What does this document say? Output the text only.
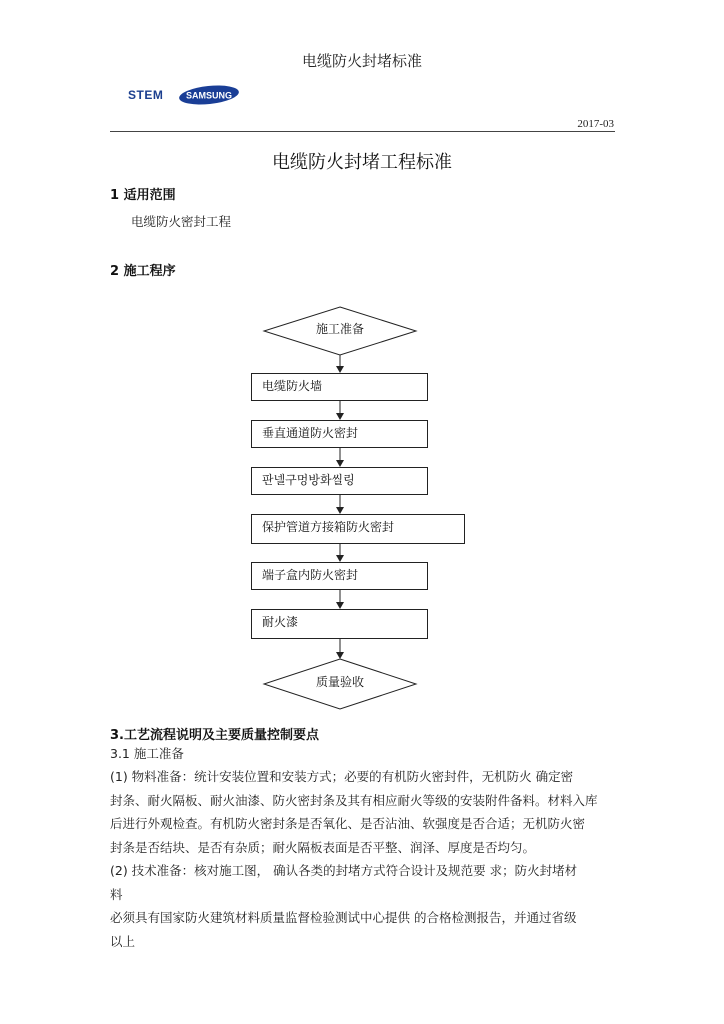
电缆防火封堵标准
STEM	SAMSUNG
2017-03
电缆防火封堵工程标准
1 适用范围
电缆防火密封工程
2 施工程序
施工准备
质量验收
电缆防火墙
垂直通道防火密封
판넬구멍방화씰링
保护管道方接箱防火密封
端子盒内防火密封
耐火漆
3.工艺流程说明及主要质量控制要点
3.1 施工准备

(1) 物料准备：统计安装位置和安装方式；必要的有机防火密封件，无机防火 确定密

封条、耐火隔板、耐火油漆、防火密封条及其有相应耐火等级的安装附件备料。材料入库

后进行外观检查。有机防火密封条是否氧化、是否沾油、软强度是否合适；无机防火密

封条是否结块、是否有杂质；耐火隔板表面是否平整、润泽、厚度是否均匀。

(2) 技术准备：核对施工图， 确认各类的封堵方式符合设计及规范要 求；防火封堵材

料

必须具有国家防火建筑材料质量监督检验测试中心提供 的合格检测报告，并通过省级

以上
